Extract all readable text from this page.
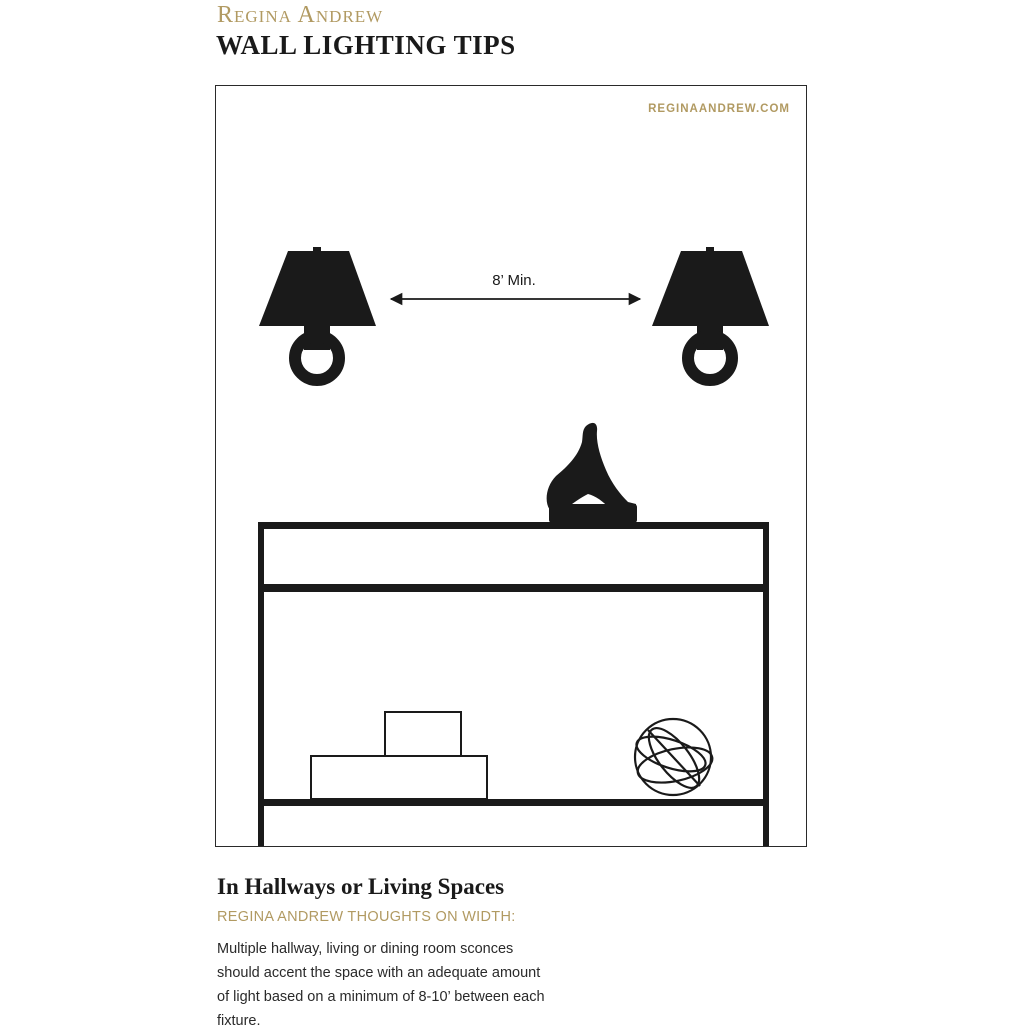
Regina Andrew
WALL LIGHTING TIPS
REGINAANDREW.COM
8’ Min.
In Hallways or Living Spaces
REGINA ANDREW THOUGHTS ON WIDTH:

Multiple hallway, living or dining room sconces should accent the space with an adequate amount of light based on a minimum of 8-10’ between each fixture.
